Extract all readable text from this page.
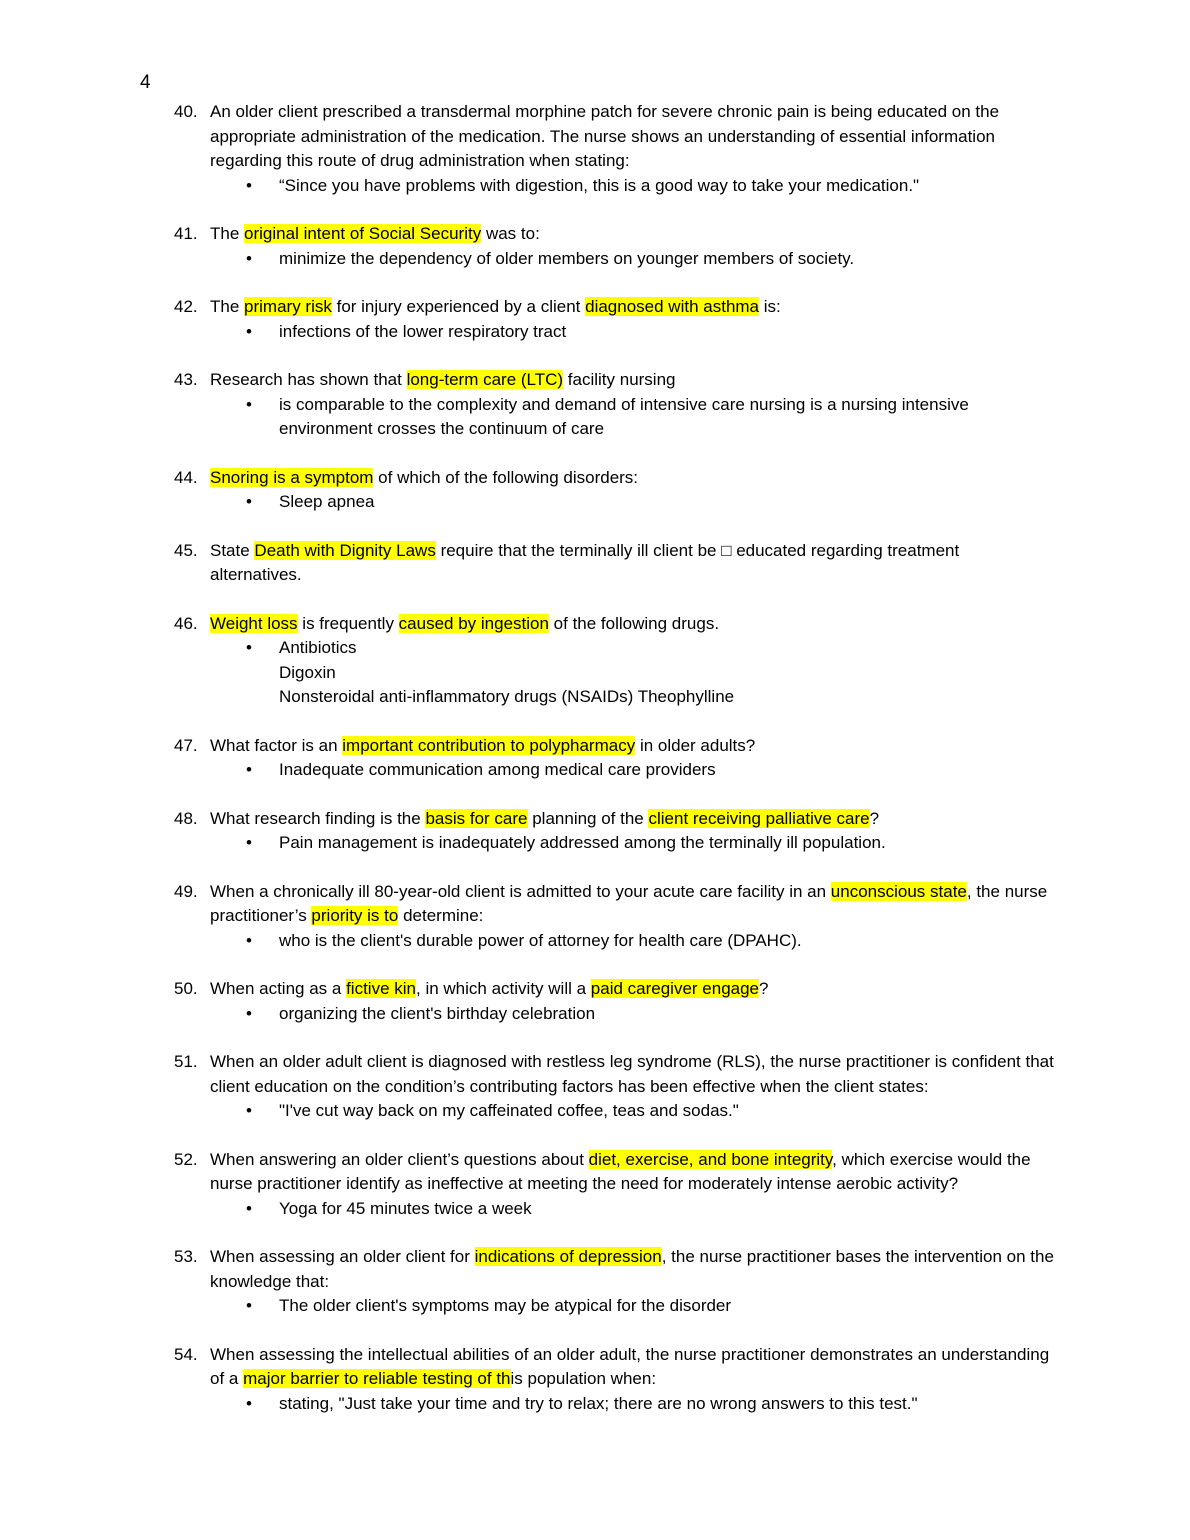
4
40. An older client prescribed a transdermal morphine patch for severe chronic pain is being educated on the appropriate administration of the medication. The nurse shows an understanding of essential information regarding this route of drug administration when stating:
• “Since you have problems with digestion, this is a good way to take your medication."
41. The original intent of Social Security was to:
• minimize the dependency of older members on younger members of society.
42. The primary risk for injury experienced by a client diagnosed with asthma is:
• infections of the lower respiratory tract
43. Research has shown that long-term care (LTC) facility nursing
• is comparable to the complexity and demand of intensive care nursing is a nursing intensive
environment crosses the continuum of care
44. Snoring is a symptom of which of the following disorders:
• Sleep apnea
45. State Death with Dignity Laws require that the terminally ill client be □ educated regarding treatment alternatives.
46. Weight loss is frequently caused by ingestion of the following drugs.
• Antibiotics
Digoxin
Nonsteroidal anti-inflammatory drugs (NSAIDs) Theophylline
47. What factor is an important contribution to polypharmacy in older adults?
• Inadequate communication among medical care providers
48. What research finding is the basis for care planning of the client receiving palliative care?
• Pain management is inadequately addressed among the terminally ill population.
49. When a chronically ill 80-year-old client is admitted to your acute care facility in an unconscious state, the nurse practitioner’s priority is to determine:
• who is the client's durable power of attorney for health care (DPAHC).
50. When acting as a fictive kin, in which activity will a paid caregiver engage?
• organizing the client's birthday celebration
51. When an older adult client is diagnosed with restless leg syndrome (RLS), the nurse practitioner is confident that client education on the condition’s contributing factors has been effective when the client states:
• "I've cut way back on my caffeinated coffee, teas and sodas."
52. When answering an older client’s questions about diet, exercise, and bone integrity, which exercise would the nurse practitioner identify as ineffective at meeting the need for moderately intense aerobic activity?
• Yoga for 45 minutes twice a week
53. When assessing an older client for indications of depression, the nurse practitioner bases the intervention on the knowledge that:
• The older client's symptoms may be atypical for the disorder
54. When assessing the intellectual abilities of an older adult, the nurse practitioner demonstrates an understanding of a major barrier to reliable testing of this population when:
• stating, "Just take your time and try to relax; there are no wrong answers to this test."
